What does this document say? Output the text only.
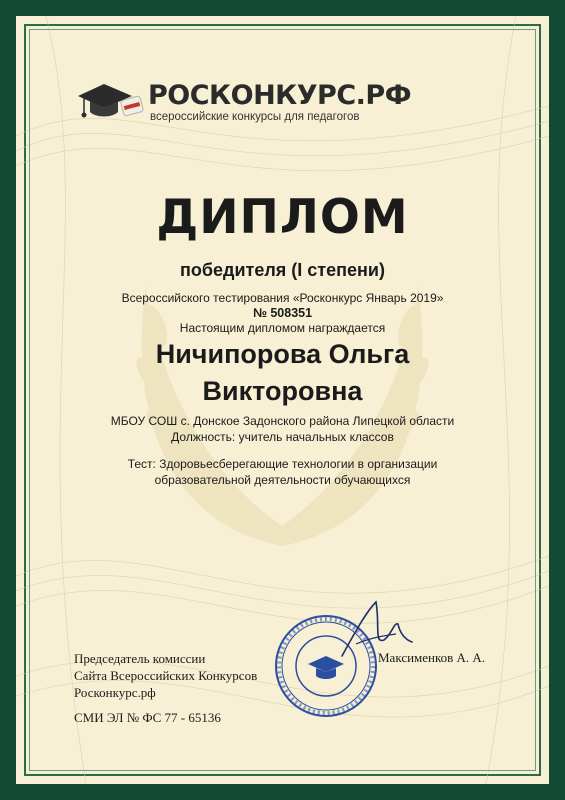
РОСКОНКУРС.РФ
всероссийские конкурсы для педагогов
ДИПЛОМ
победителя (I степени)
Всероссийского тестирования «Росконкурс Январь 2019»
№ 508351
Настоящим дипломом награждается
Ничипорова Ольга
Викторовна
МБОУ СОШ с. Донское Задонского района Липецкой области
Должность: учитель начальных классов
Тест: Здоровьесберегающие технологии в организации
образовательной деятельности обучающихся
Председатель комиссии
Сайта Всероссийских Конкурсов
Росконкурс.рф
СМИ ЭЛ № ФС 77 - 65136
Максименков А. А.
